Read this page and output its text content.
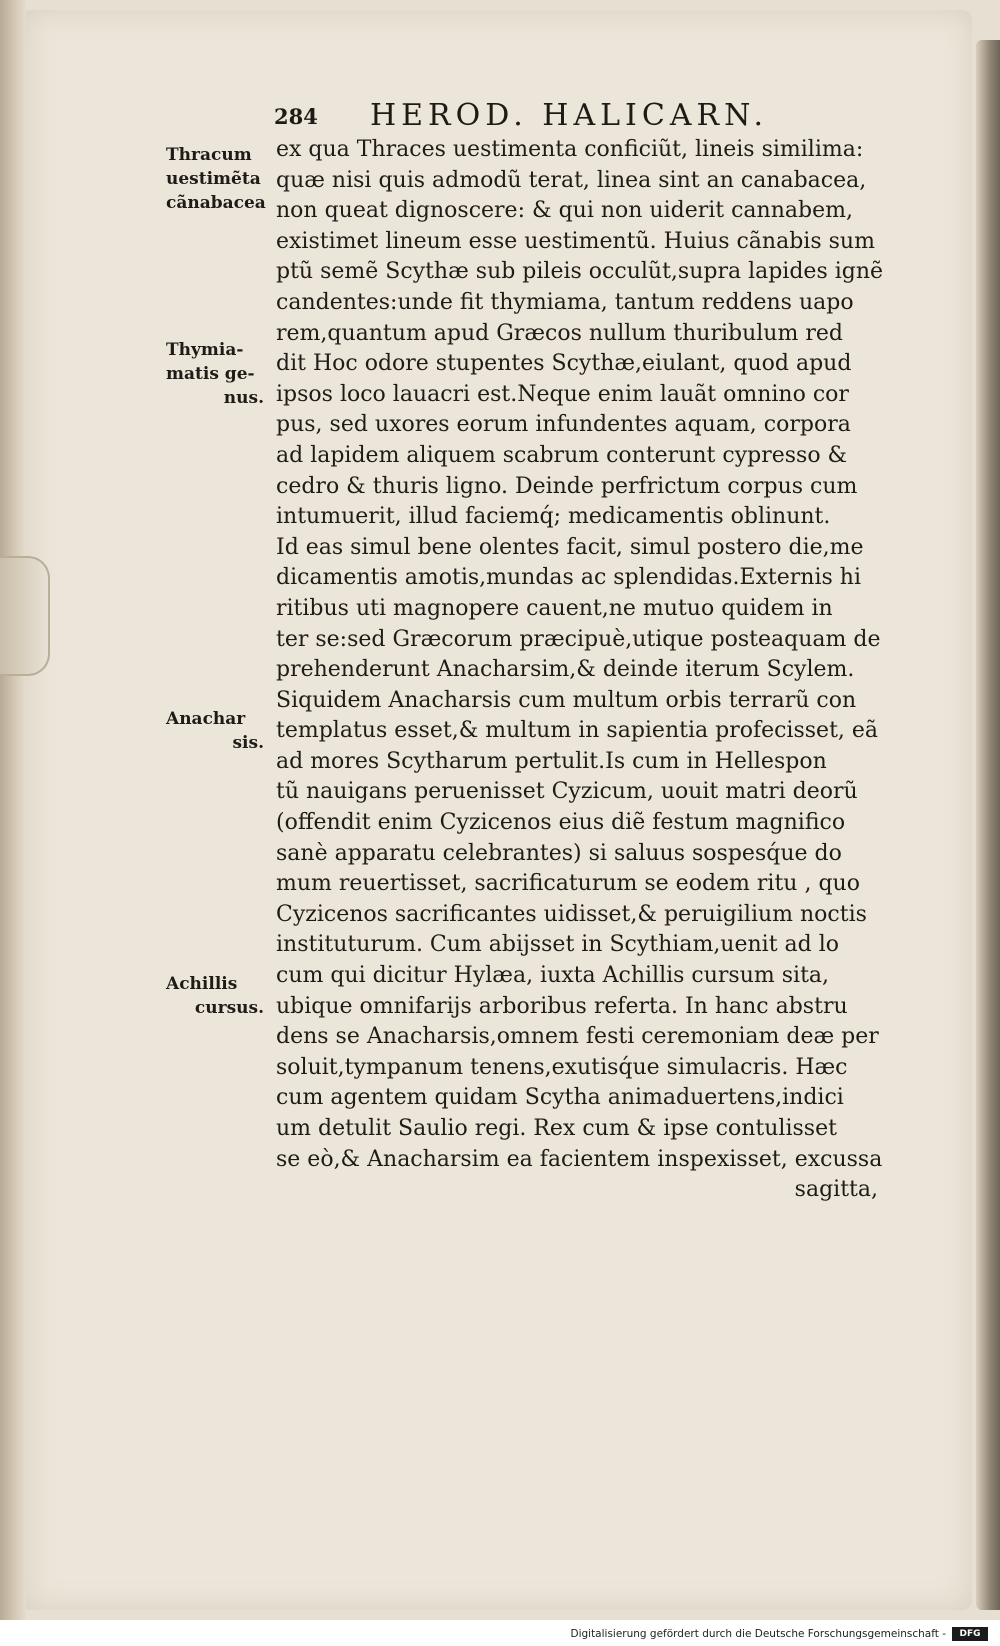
284 HEROD. HALICARN.
Thracum
uestimẽta
cãnabacea
Thymia-
matis ge-
nus.
Anachar
sis.
Achillis
cursus.
ex qua Thraces uestimenta conficiũt, lineis similima:
quæ nisi quis admodũ terat, linea sint an canabacea,
non queat dignoscere: & qui non uiderit cannabem,
existimet lineum esse uestimentũ. Huius cãnabis sum
ptũ semẽ Scythæ sub pileis occulũt,supra lapides ignẽ
candentes:unde fit thymiama, tantum reddens uapo
rem,quantum apud Græcos nullum thuribulum red
dit Hoc odore stupentes Scythæ,eiulant, quod apud
ipsos loco lauacri est.Neque enim lauãt omnino cor
pus, sed uxores eorum infundentes aquam, corpora
ad lapidem aliquem scabrum conterunt cypresso &
cedro & thuris ligno. Deinde perfrictum corpus cum
intumuerit, illud faciemq́; medicamentis oblinunt.
Id eas simul bene olentes facit, simul postero die,me
dicamentis amotis,mundas ac splendidas.Externis hi
ritibus uti magnopere cauent,ne mutuo quidem in
ter se:sed Græcorum præcipuè,utique posteaquam de
prehenderunt Anacharsim,& deinde iterum Scylem.
Siquidem Anacharsis cum multum orbis terrarũ con
templatus esset,& multum in sapientia profecisset, eã
ad mores Scytharum pertulit.Is cum in Hellespon
tũ nauigans peruenisset Cyzicum, uouit matri deorũ
(offendit enim Cyzicenos eius diẽ festum magnifico
sanè apparatu celebrantes) si saluus sospesq́ue do
mum reuertisset, sacrificaturum se eodem ritu , quo
Cyzicenos sacrificantes uidisset,& peruigilium noctis
instituturum. Cum abijsset in Scythiam,uenit ad lo
cum qui dicitur Hylæa, iuxta Achillis cursum sita,
ubique omnifarijs arboribus referta. In hanc abstru
dens se Anacharsis,omnem festi ceremoniam deæ per
soluit,tympanum tenens,exutisq́ue simulacris. Hæc
cum agentem quidam Scytha animaduertens,indici
um detulit Saulio regi. Rex cum & ipse contulisset
se eò,& Anacharsim ea facientem inspexisset, excussa
sagitta,
Digitalisierung gefördert durch die Deutsche Forschungsgemeinschaft -	DFG
